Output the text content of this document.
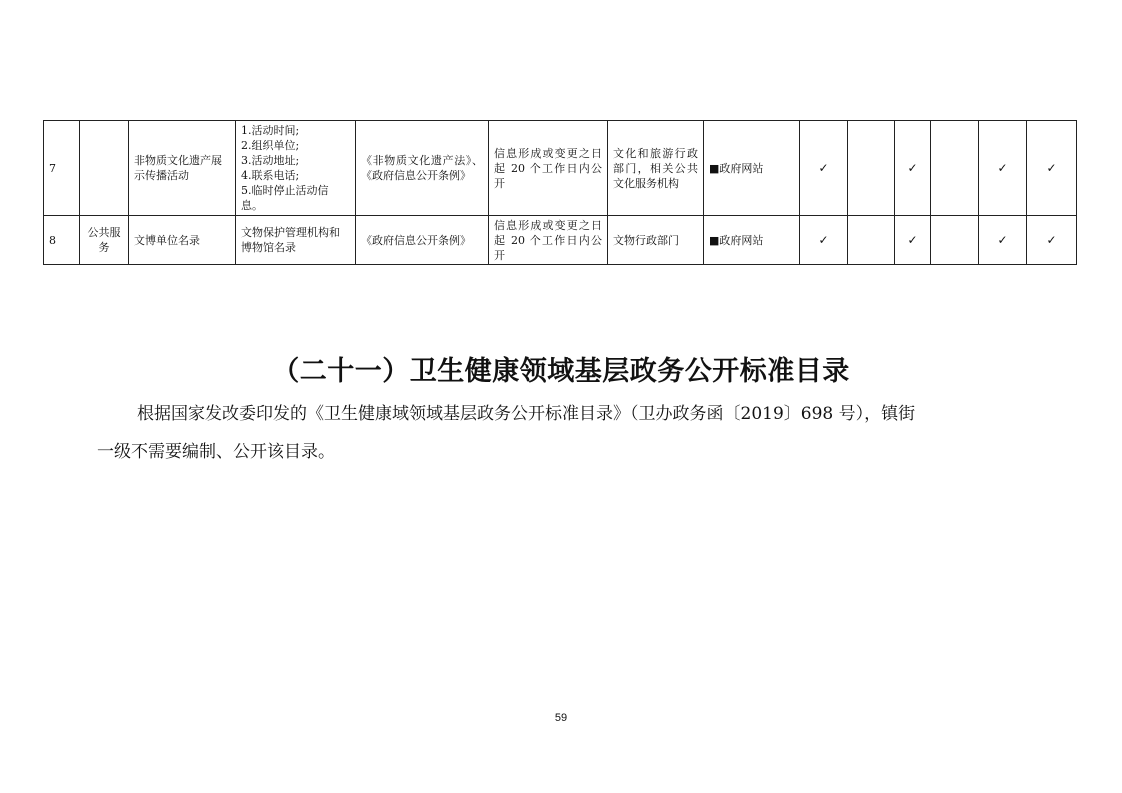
7		非物质文化遗产展示传播活动	1.活动时间;
2.组织单位;
3.活动地址;
4.联系电话;
5.临时停止活动信息。	《非物质文化遗产法》、《政府信息公开条例》	信息形成或变更之日起 20 个工作日内公开	文化和旅游行政部门，相关公共文化服务机构	■政府网站	✓		✓		✓	✓
8	公共服务	文博单位名录	文物保护管理机构和博物馆名录	《政府信息公开条例》	信息形成或变更之日起 20 个工作日内公开	文物行政部门	■政府网站	✓		✓		✓	✓
（二十一）卫生健康领域基层政务公开标准目录
根据国家发改委印发的《卫生健康域领域基层政务公开标准目录》（卫办政务函〔2019〕698 号），镇街
一级不需要编制、公开该目录。
59
